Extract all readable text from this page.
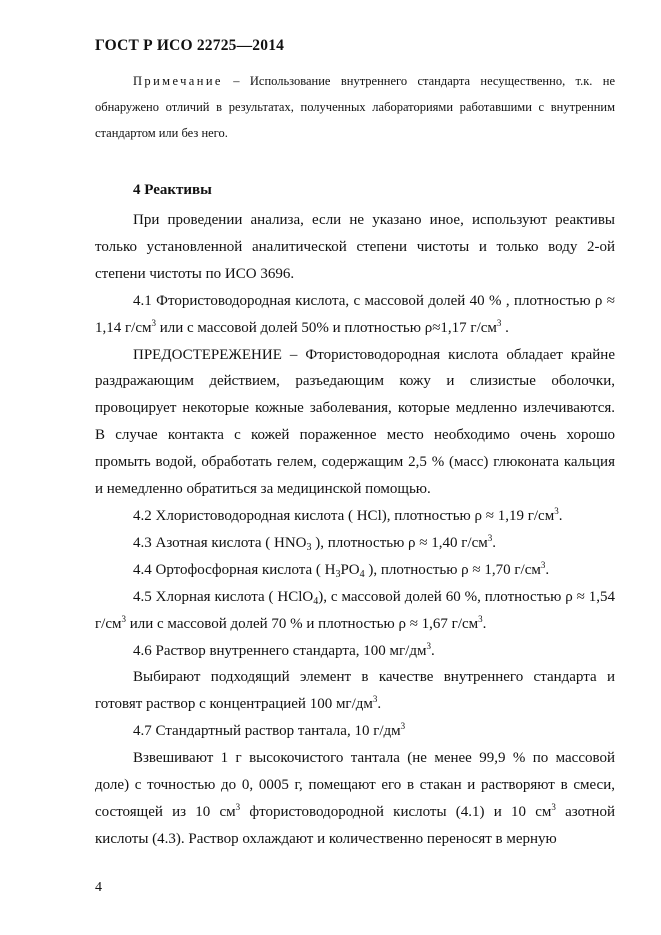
ГОСТ Р ИСО 22725—2014
Примечание – Использование внутреннего стандарта несущественно, т.к. не обнаружено отличий в результатах, полученных лабораториями работавшими с внутренним стандартом или без него.
4 Реактивы

При проведении анализа, если не указано иное, используют реактивы только установленной аналитической степени чистоты и только воду 2-ой степени чистоты по ИСО 3696.

4.1 Фтористоводородная кислота, с массовой долей 40 % , плотностью ρ ≈ 1,14 $г/см^3$ или с массовой долей 50% и плотностью ρ≈1,17 $г/см^3$ .

ПРЕДОСТЕРЕЖЕНИЕ – Фтористоводородная кислота обладает крайне раздражающим действием, разъедающим кожу и слизистые оболочки, провоцирует некоторые кожные заболевания, которые медленно излечиваются. В случае контакта с кожей пораженное место необходимо очень хорошо промыть водой, обработать гелем, содержащим 2,5 % (масс) глюконата кальция и немедленно обратиться за медицинской помощью.

4.2 Хлористоводородная кислота ( HCl), плотностью ρ ≈ 1,19 $г/см^3$.

4.3 Азотная кислота ( $HNO_3$ ), плотностью ρ ≈ 1,40 $г/см^3$.

4.4 Ортофосфорная кислота ( $H_3PO_4$ ), плотностью ρ ≈ 1,70 $г/см^3$.

4.5 Хлорная кислота ( HClO$_4$), с массовой долей 60 %, плотностью ρ ≈ 1,54 $г/см^3$ или с массовой долей 70 % и плотностью ρ ≈ 1,67 $г/см^3$.

4.6 Раствор внутреннего стандарта, 100 $мг/дм^3$.

Выбирают подходящий элемент в качестве внутреннего стандарта и готовят раствор с концентрацией 100 $мг/дм^3$.

4.7 Стандартный раствор тантала, 10 $г/дм^3$

Взвешивают 1 г высокочистого тантала (не менее 99,9 % по массовой доле) с точностью до 0, 0005 г, помещают его в стакан и растворяют в смеси, состоящей из 10 $см^3$ фтористоводородной кислоты (4.1) и 10 $см^3$ азотной кислоты (4.3). Раствор охлаждают и количественно переносят в мерную

4
